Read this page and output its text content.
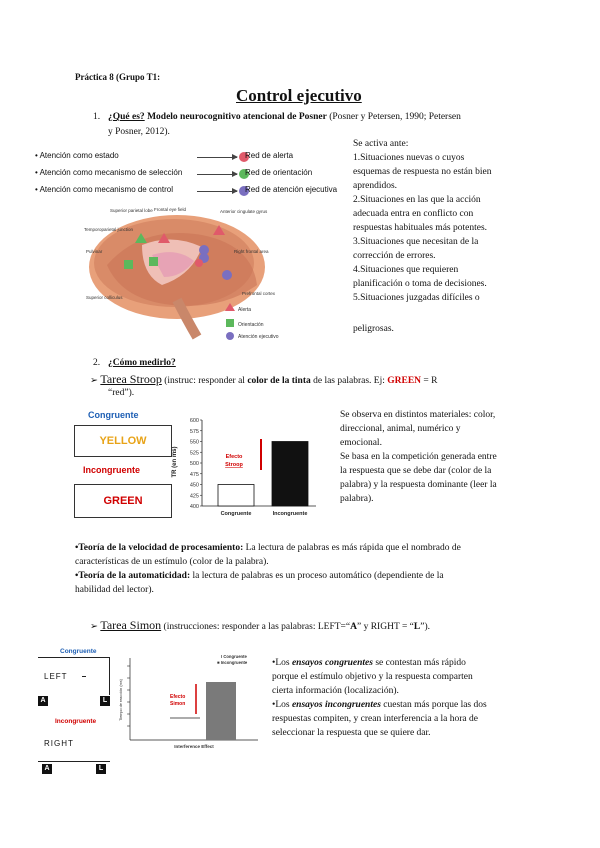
Práctica 8 (Grupo T1:
Control ejecutivo
1. ¿Qué es? Modelo neurocognitivo atencional de Posner (Posner y Petersen, 1990; Petersen
y Posner, 2012).
• Atención como estado	Red de alerta
• Atención como mecanismo de selección	Red de orientación
• Atención como mecanismo de control	Red de atención ejecutiva
Superior parietal lobe Frontal eye field	Anterior cingulate gyrus
Temporoparietal junction
Pulvinar	Right frontal area
Prefrontal cortex
Superior colliculus
Alerta
Orientación
Atención ejecutivo
Se activa ante:
1.Situaciones nuevas o cuyos
esquemas de respuesta no están bien
aprendidos.
2.Situaciones en las que la acción
adecuada entra en conflicto con
respuestas habituales más potentes.
3.Situaciones que necesitan de la
corrección de errores.
4.Situaciones que requieren
planificación o toma de decisiones.
5.Situaciones juzgadas difíciles o
peligrosas.
2. ¿Cómo medirlo?
➢ Tarea Stroop (instruc: responder al color de la tinta de las palabras. Ej: GREEN = R
“red”).
Congruente
YELLOW
Incongruente
GREEN	400
425
450
475
500
525
550
575
600
TR (en ms)
Congruente	Incongruente
Efecto
Stroop
Se observa en distintos materiales: color,
direccional, animal, numérico y
emocional.
Se basa en la competición generada entre
la respuesta que se debe dar (color de la
palabra) y la respuesta dominante (leer la
palabra).
•Teoría de la velocidad de procesamiento: La lectura de palabras es más rápida que el nombrado de
características de un estímulo (color de la palabra).
•Teoría de la automaticidad: la lectura de palabras es un proceso automático (dependiente de la
habilidad del lector).
➢ Tarea Simon (instrucciones: responder a las palabras: LEFT=“A” y RIGHT = “L”).
Congruente
LEFT
A	L
Incongruente
RIGHT
A	L
Tiempo de reacción (ms)
I Congruente
■ Incongruente
Efecto
Simon
Interference Effect
•Los ensayos congruentes se contestan más rápido
porque el estímulo objetivo y la respuesta comparten
cierta información (localización).
•Los ensayos incongruentes cuestan más porque las dos
respuestas compiten, y crean interferencia a la hora de
seleccionar la respuesta que se quiere dar.
